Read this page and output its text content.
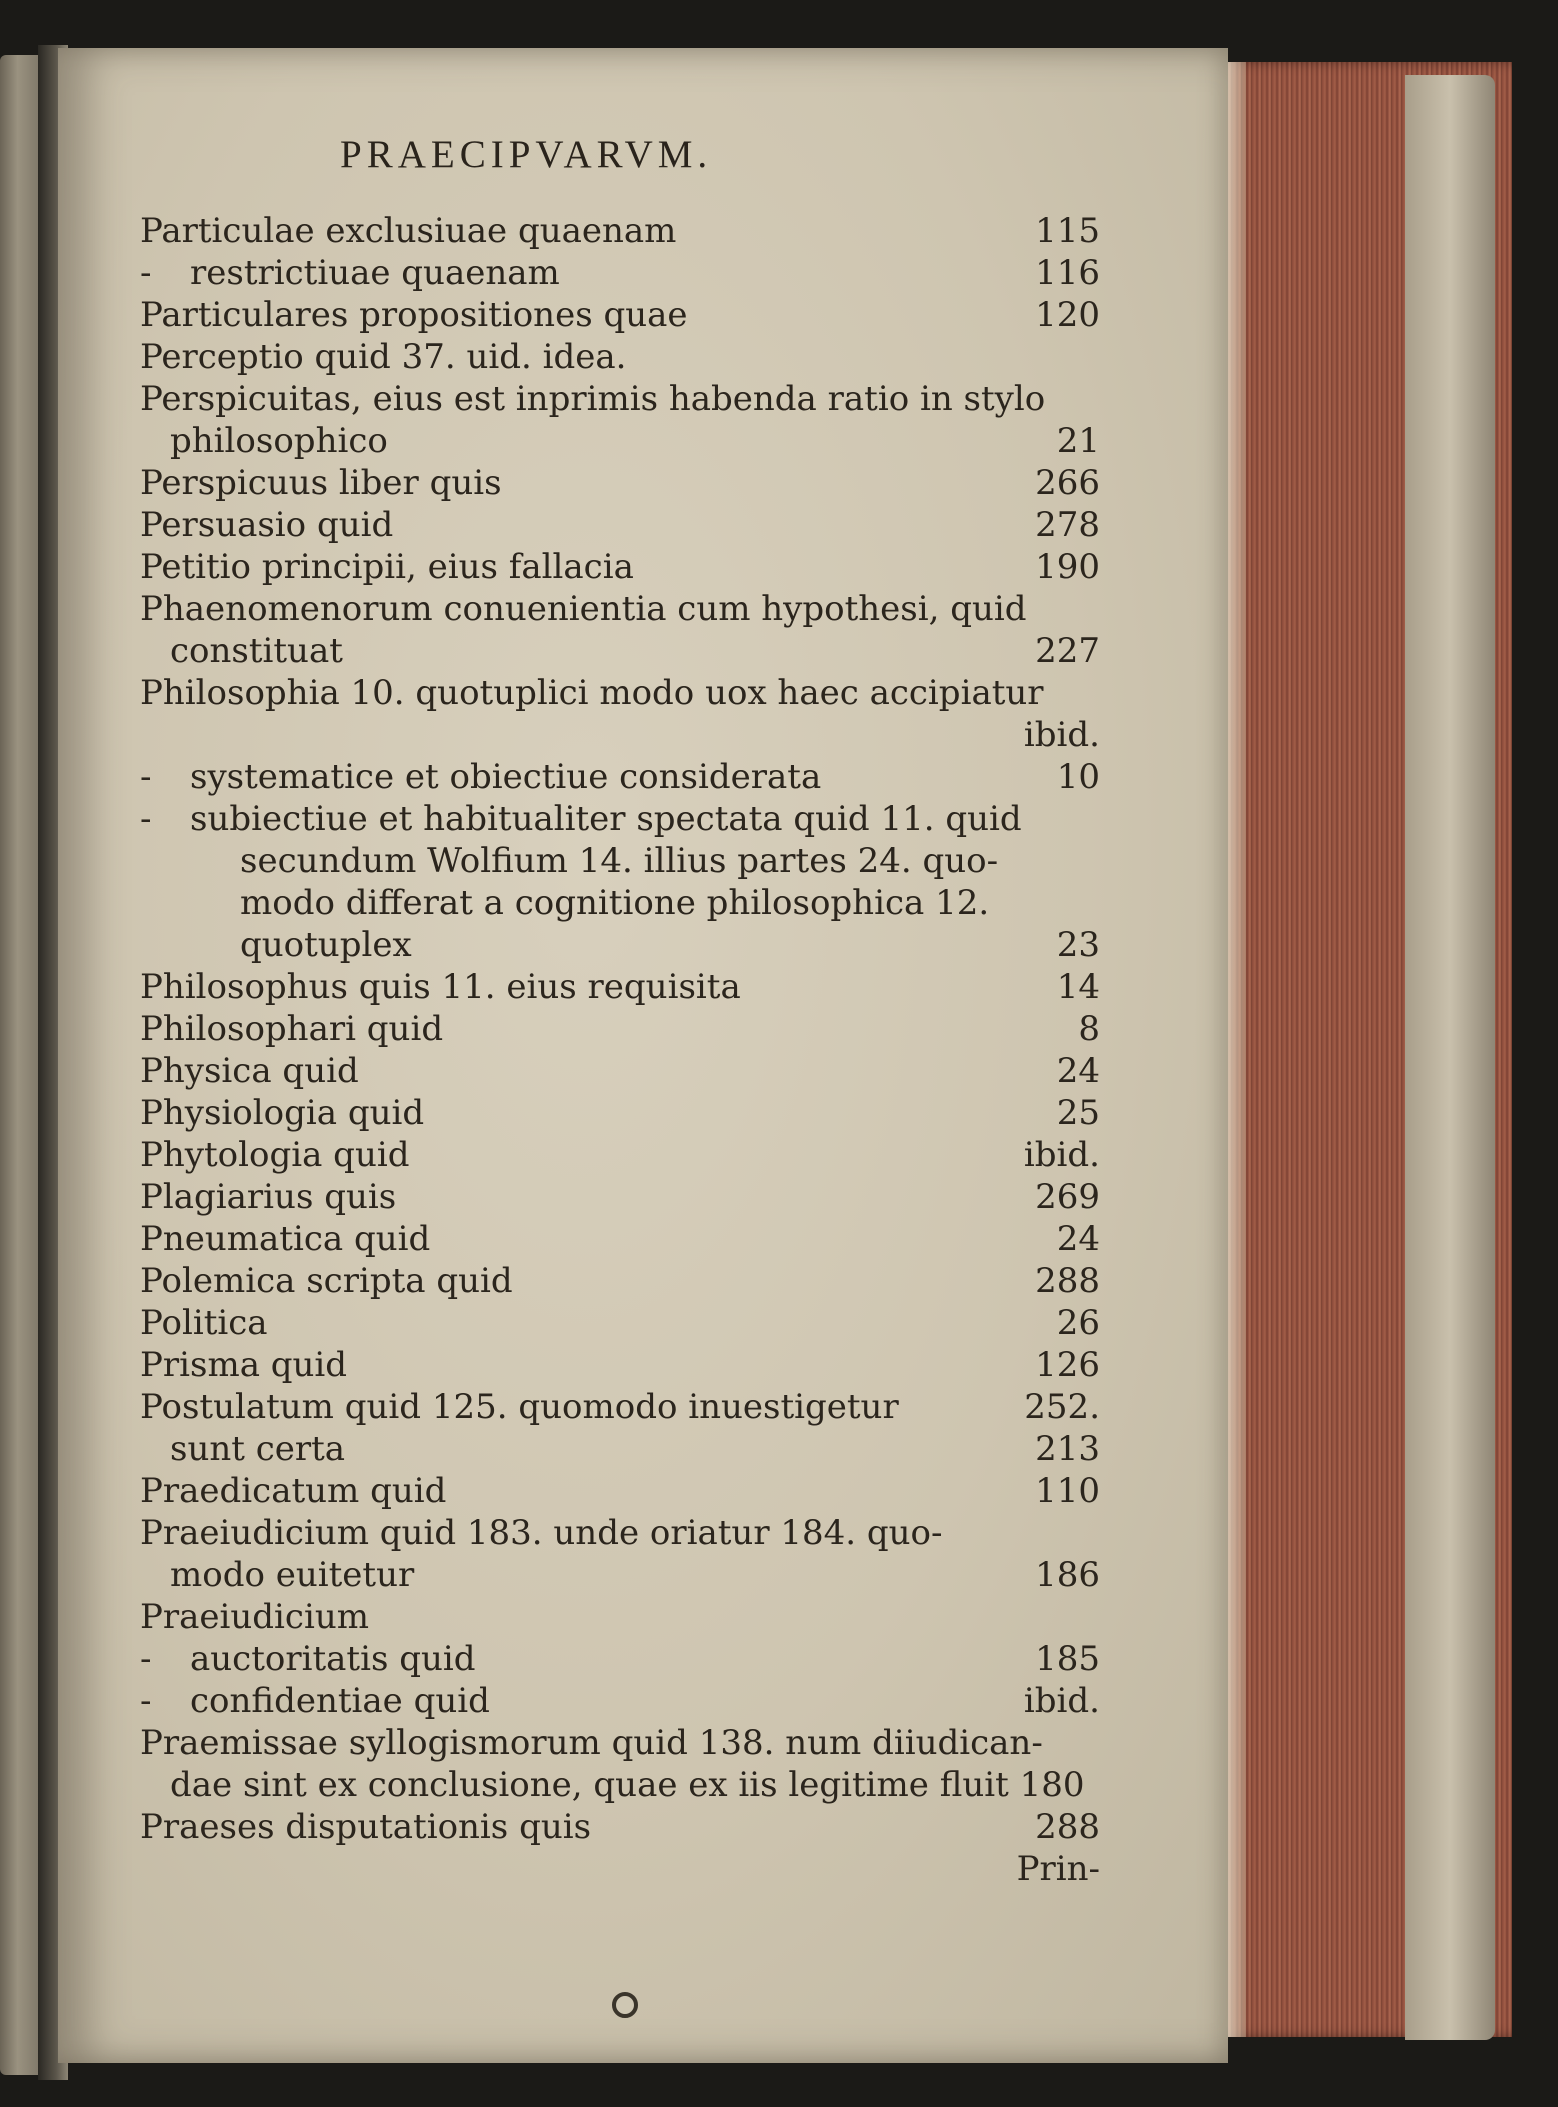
PRAECIPVARVM.
Particulae exclusiuae quaenam	115
- restrictiuae quaenam	116
Particulares propositiones quae	120
Perceptio quid 37. uid. idea.
Perspicuitas, eius est inprimis habenda ratio in stylo
philosophico	21
Perspicuus liber quis	266
Persuasio quid	278
Petitio principii, eius fallacia	190
Phaenomenorum conuenientia cum hypothesi, quid
constituat	227
Philosophia 10. quotuplici modo uox haec accipiatur
ibid.
- systematice et obiectiue considerata	10
- subiectiue et habitualiter spectata quid 11. quid
secundum Wolfium 14. illius partes 24. quo-
modo differat a cognitione philosophica 12.
quotuplex	23
Philosophus quis 11. eius requisita	14
Philosophari quid	8
Physica quid	24
Physiologia quid	25
Phytologia quid	ibid.
Plagiarius quis	269
Pneumatica quid	24
Polemica scripta quid	288
Politica	26
Prisma quid	126
Postulatum quid 125. quomodo inuestigetur	252.
sunt certa	213
Praedicatum quid	110
Praeiudicium quid 183. unde oriatur 184. quo-
modo euitetur	186
Praeiudicium
- auctoritatis quid	185
- confidentiae quid	ibid.
Praemissae syllogismorum quid 138. num diiudican-
dae sint ex conclusione, quae ex iis legitime fluit 180
Praeses disputationis quis	288
Prin-
